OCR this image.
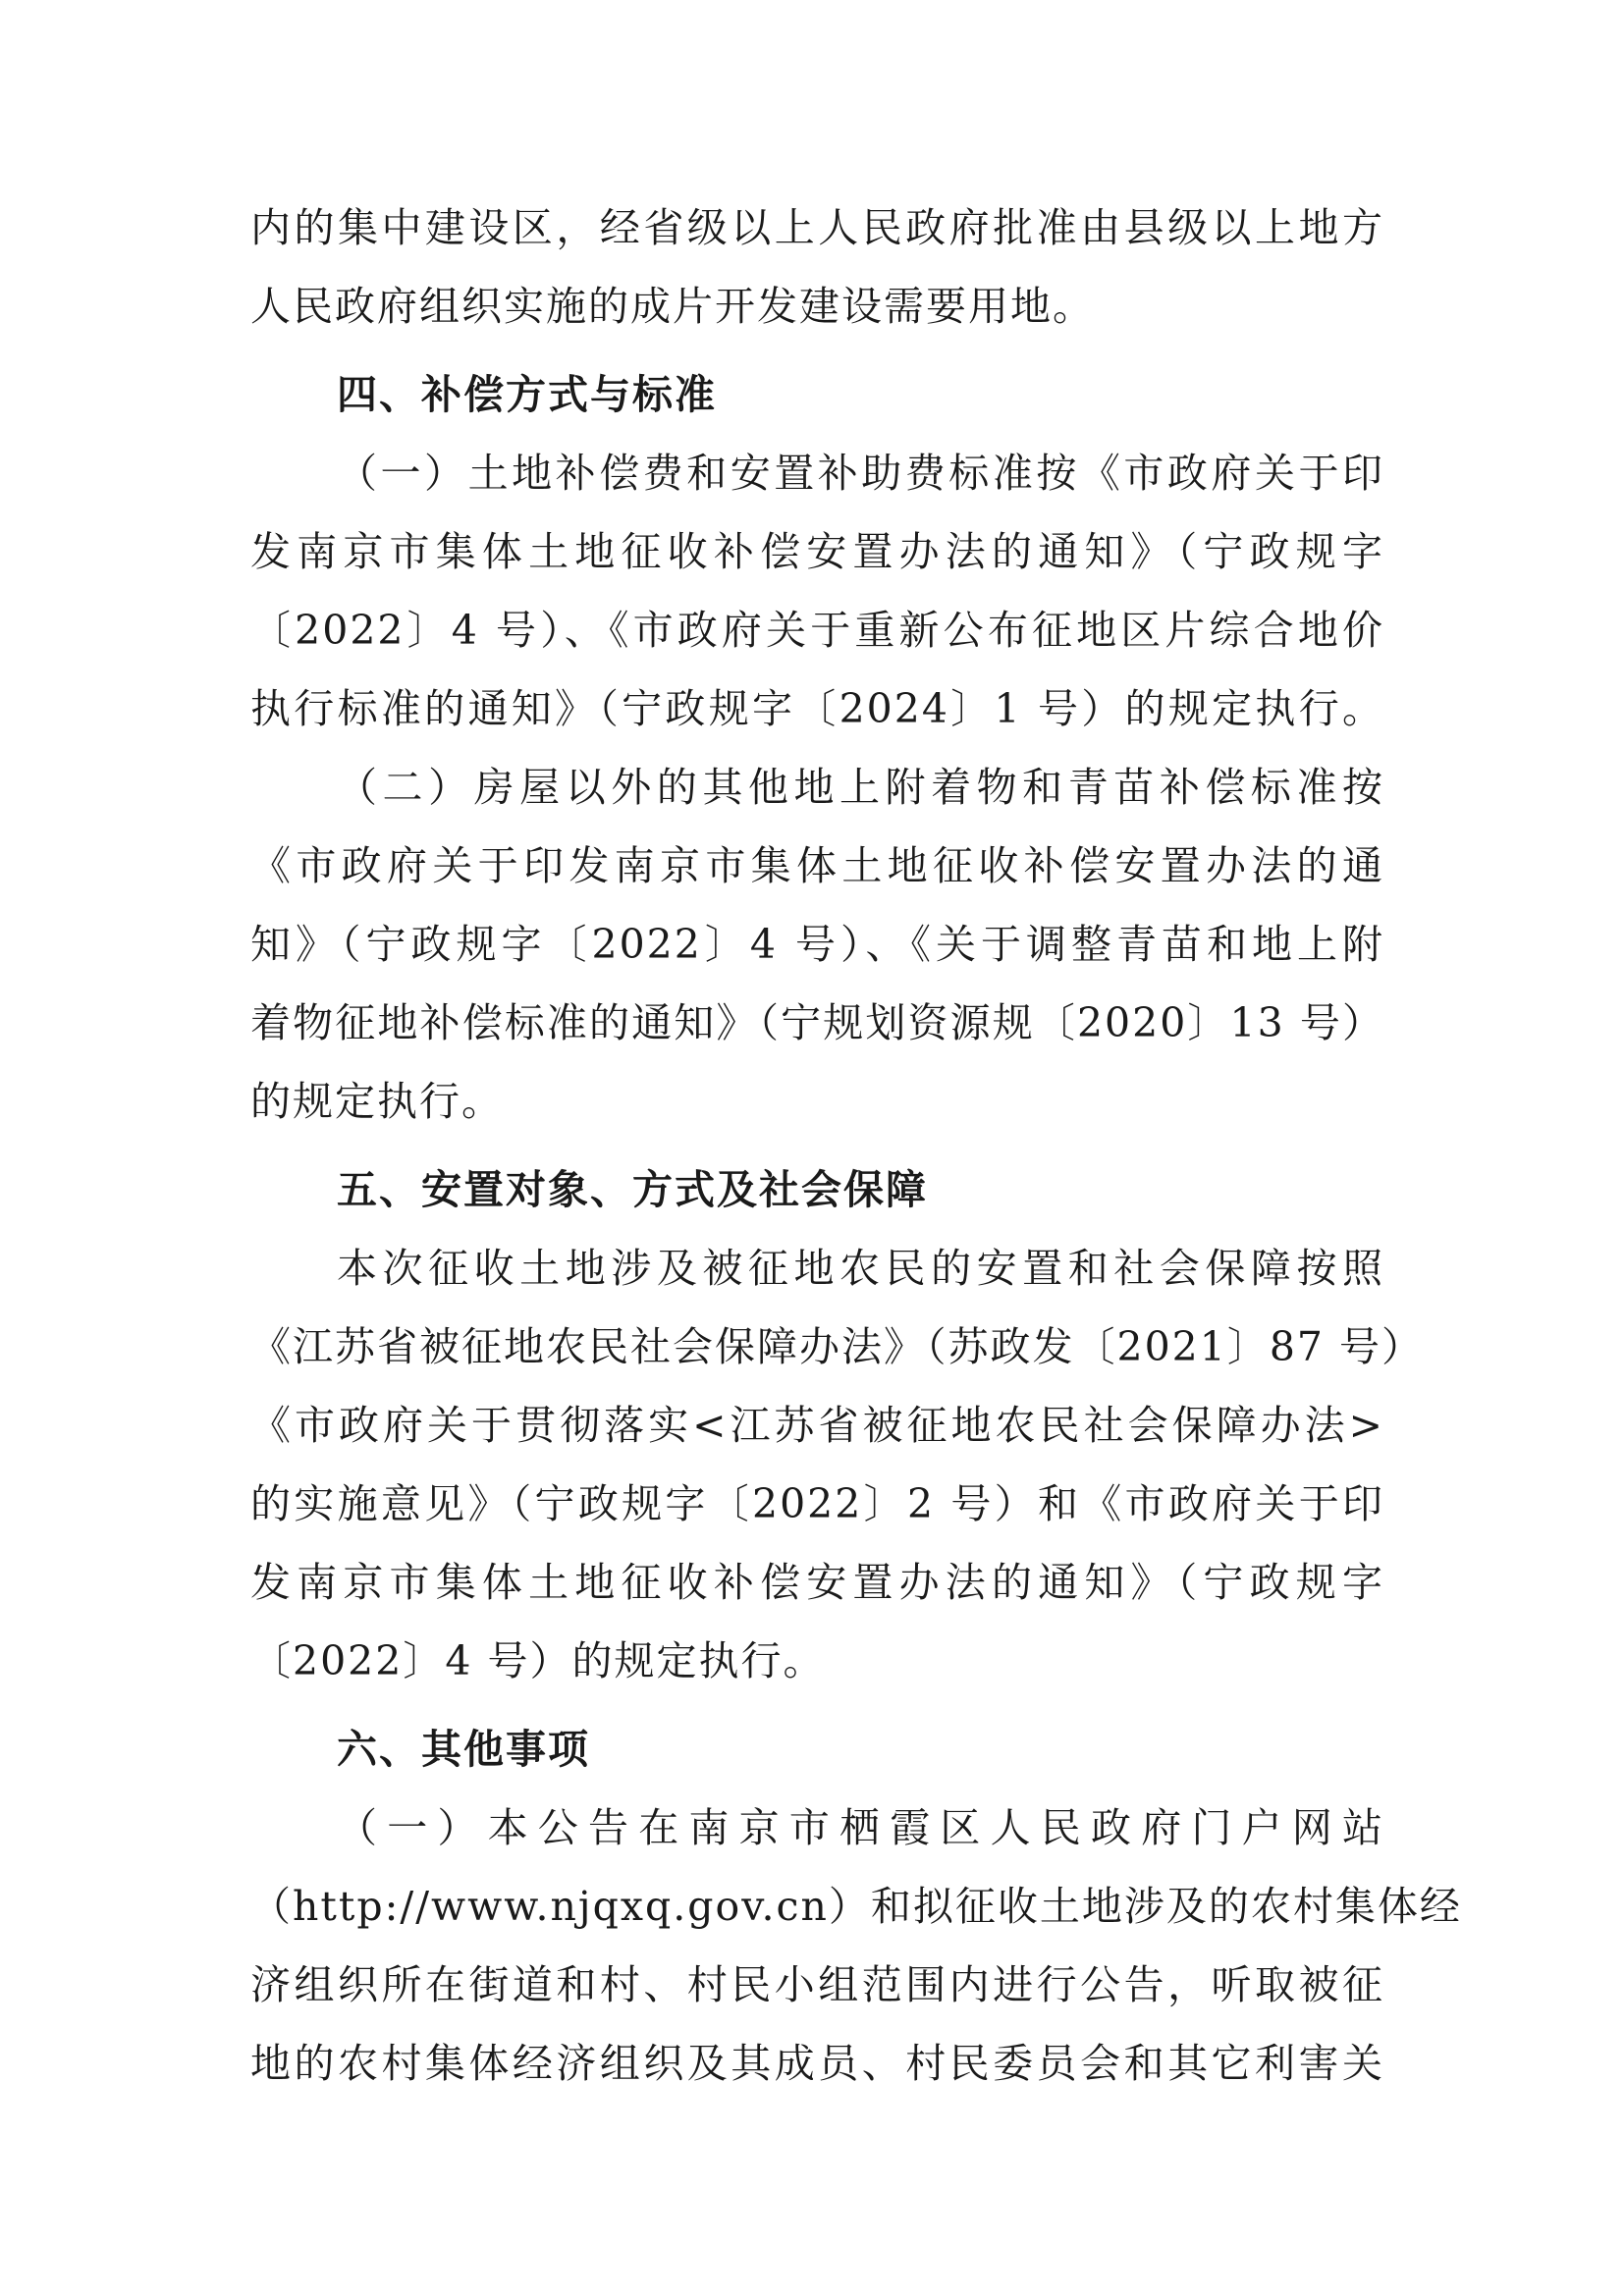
内的集中建设区，经省级以上人民政府批准由县级以上地方
人民政府组织实施的成片开发建设需要用地。
四、补偿方式与标准
（一）土地补偿费和安置补助费标准按《市政府关于印
发南京市集体土地征收补偿安置办法的通知》（宁政规字
〔2022〕4 号）、《市政府关于重新公布征地区片综合地价
执行标准的通知》（宁政规字〔2024〕1 号）的规定执行。
（二）房屋以外的其他地上附着物和青苗补偿标准按
《市政府关于印发南京市集体土地征收补偿安置办法的通
知》（宁政规字〔2022〕4 号）、《关于调整青苗和地上附
着物征地补偿标准的通知》（宁规划资源规〔2020〕13 号）
的规定执行。
五、安置对象、方式及社会保障
本次征收土地涉及被征地农民的安置和社会保障按照
《江苏省被征地农民社会保障办法》（苏政发〔2021〕87 号）
《市政府关于贯彻落实<江苏省被征地农民社会保障办法>
的实施意见》（宁政规字〔2022〕2 号）和《市政府关于印
发南京市集体土地征收补偿安置办法的通知》（宁政规字
〔2022〕4 号）的规定执行。
六、其他事项
（一）本公告在南京市栖霞区人民政府门户网站
（http://www.njqxq.gov.cn）和拟征收土地涉及的农村集体经
济组织所在街道和村、村民小组范围内进行公告，听取被征
地的农村集体经济组织及其成员、村民委员会和其它利害关
